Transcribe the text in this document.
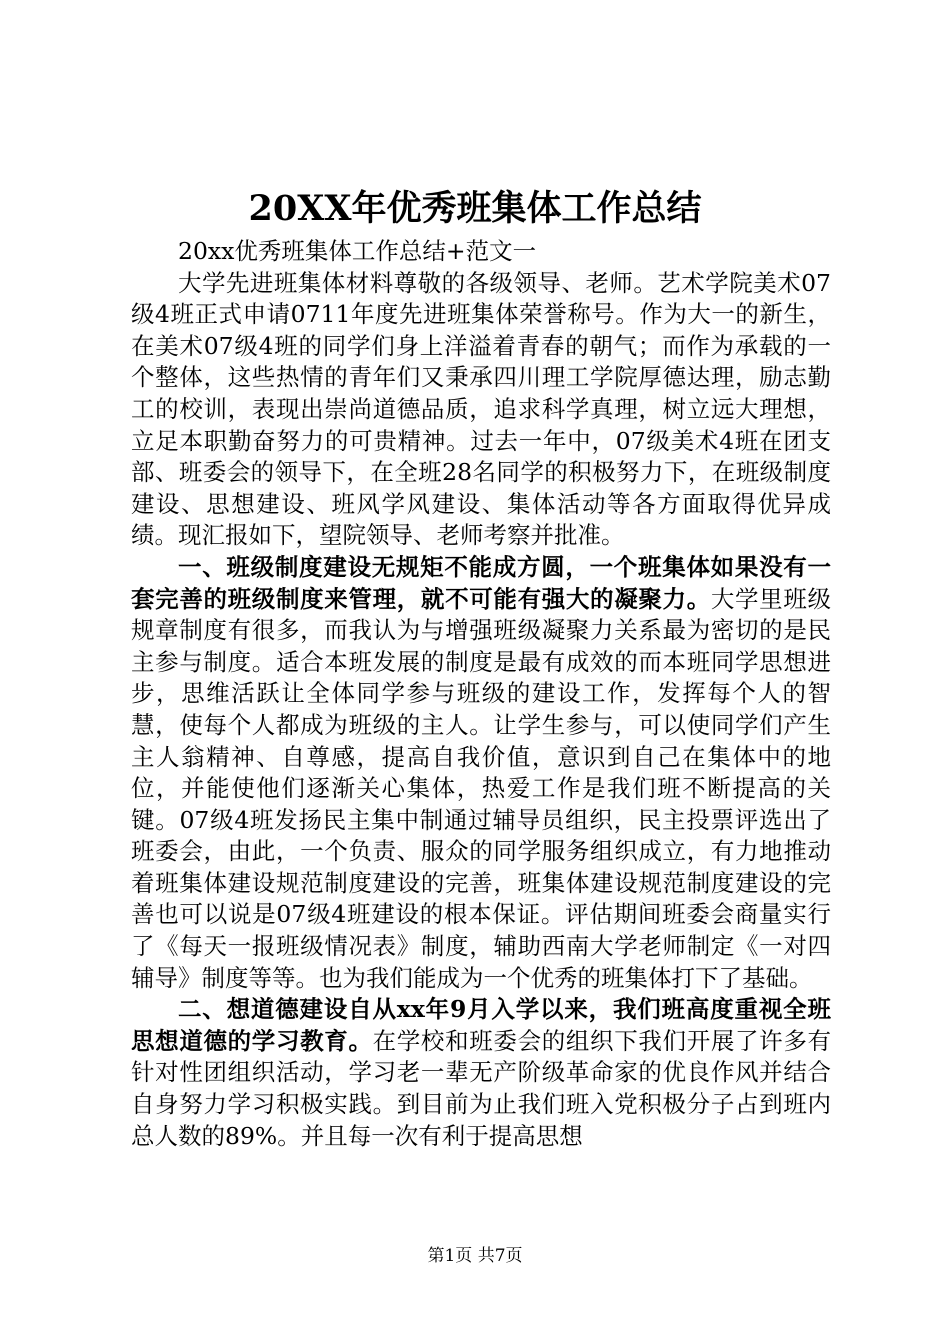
20XX年优秀班集体工作总结

20xx优秀班集体工作总结+范文一

大学先进班集体材料尊敬的各级领导、老师。艺术学院美术07级4班正式申请0711年度先进班集体荣誉称号。作为大一的新生，在美术07级4班的同学们身上洋溢着青春的朝气；而作为承载的一个整体，这些热情的青年们又秉承四川理工学院厚德达理，励志勤工的校训，表现出崇尚道德品质，追求科学真理，树立远大理想，立足本职勤奋努力的可贵精神。过去一年中，07级美术4班在团支部、班委会的领导下，在全班28名同学的积极努力下，在班级制度建设、思想建设、班风学风建设、集体活动等各方面取得优异成绩。现汇报如下，望院领导、老师考察并批准。

一、班级制度建设无规矩不能成方圆，一个班集体如果没有一套完善的班级制度来管理，就不可能有强大的凝聚力。大学里班级规章制度有很多，而我认为与增强班级凝聚力关系最为密切的是民主参与制度。适合本班发展的制度是最有成效的而本班同学思想进步，思维活跃让全体同学参与班级的建设工作，发挥每个人的智慧，使每个人都成为班级的主人。让学生参与，可以使同学们产生主人翁精神、自尊感，提高自我价值，意识到自己在集体中的地位，并能使他们逐渐关心集体，热爱工作是我们班不断提高的关键。07级4班发扬民主集中制通过辅导员组织，民主投票评选出了班委会，由此，一个负责、服众的同学服务组织成立，有力地推动着班集体建设规范制度建设的完善，班集体建设规范制度建设的完善也可以说是07级4班建设的根本保证。评估期间班委会商量实行了《每天一报班级情况表》制度，辅助西南大学老师制定《一对四辅导》制度等等。也为我们能成为一个优秀的班集体打下了基础。

二、想道德建设自从xx年9月入学以来，我们班高度重视全班思想道德的学习教育。在学校和班委会的组织下我们开展了许多有针对性团组织活动，学习老一辈无产阶级革命家的优良作风并结合自身努力学习积极实践。到目前为止我们班入党积极分子占到班内总人数的89%。并且每一次有利于提高思想

第1页 共7页
